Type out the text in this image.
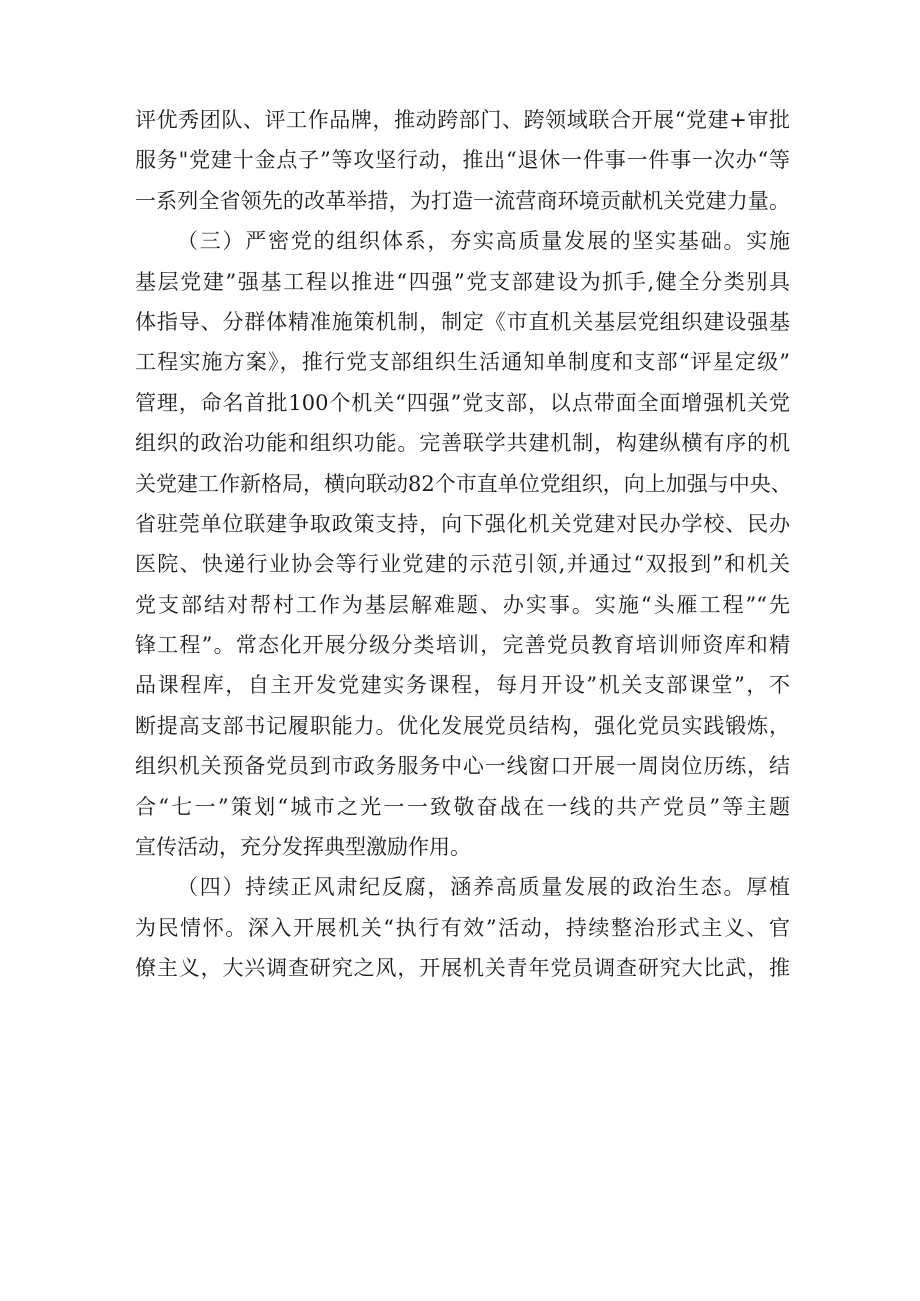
评优秀团队、评工作品牌，推动跨部门、跨领域联合开展“党建+审批
服务"党建十金点子”等攻坚行动，推出“退休一件事一件事一次办“等
一系列全省领先的改革举措，为打造一流营商环境贡献机关党建力量。
（三）严密党的组织体系，夯实高质量发展的坚实基础。实施
基层党建”强基工程以推进“四强”党支部建设为抓手,健全分类别具
体指导、分群体精准施策机制，制定《市直机关基层党组织建设强基
工程实施方案》，推行党支部组织生活通知单制度和支部“评星定级”
管理，命名首批100个机关“四强”党支部，以点带面全面增强机关党
组织的政治功能和组织功能。完善联学共建机制，构建纵横有序的机
关党建工作新格局，横向联动82个市直单位党组织，向上加强与中央、
省驻莞单位联建争取政策支持，向下强化机关党建对民办学校、民办
医院、快递行业协会等行业党建的示范引领,并通过“双报到”和机关
党支部结对帮村工作为基层解难题、办实事。实施“头雁工程”“先
锋工程”。常态化开展分级分类培训，完善党员教育培训师资库和精
品课程库，自主开发党建实务课程，每月开设”机关支部课堂”，不
断提高支部书记履职能力。优化发展党员结构，强化党员实践锻炼，
组织机关预备党员到市政务服务中心一线窗口开展一周岗位历练，结
合“七一”策划“城市之光一一致敬奋战在一线的共产党员”等主题
宣传活动，充分发挥典型激励作用。
（四）持续正风肃纪反腐，涵养高质量发展的政治生态。厚植
为民情怀。深入开展机关“执行有效”活动，持续整治形式主义、官
僚主义，大兴调查研究之风，开展机关青年党员调查研究大比武，推
